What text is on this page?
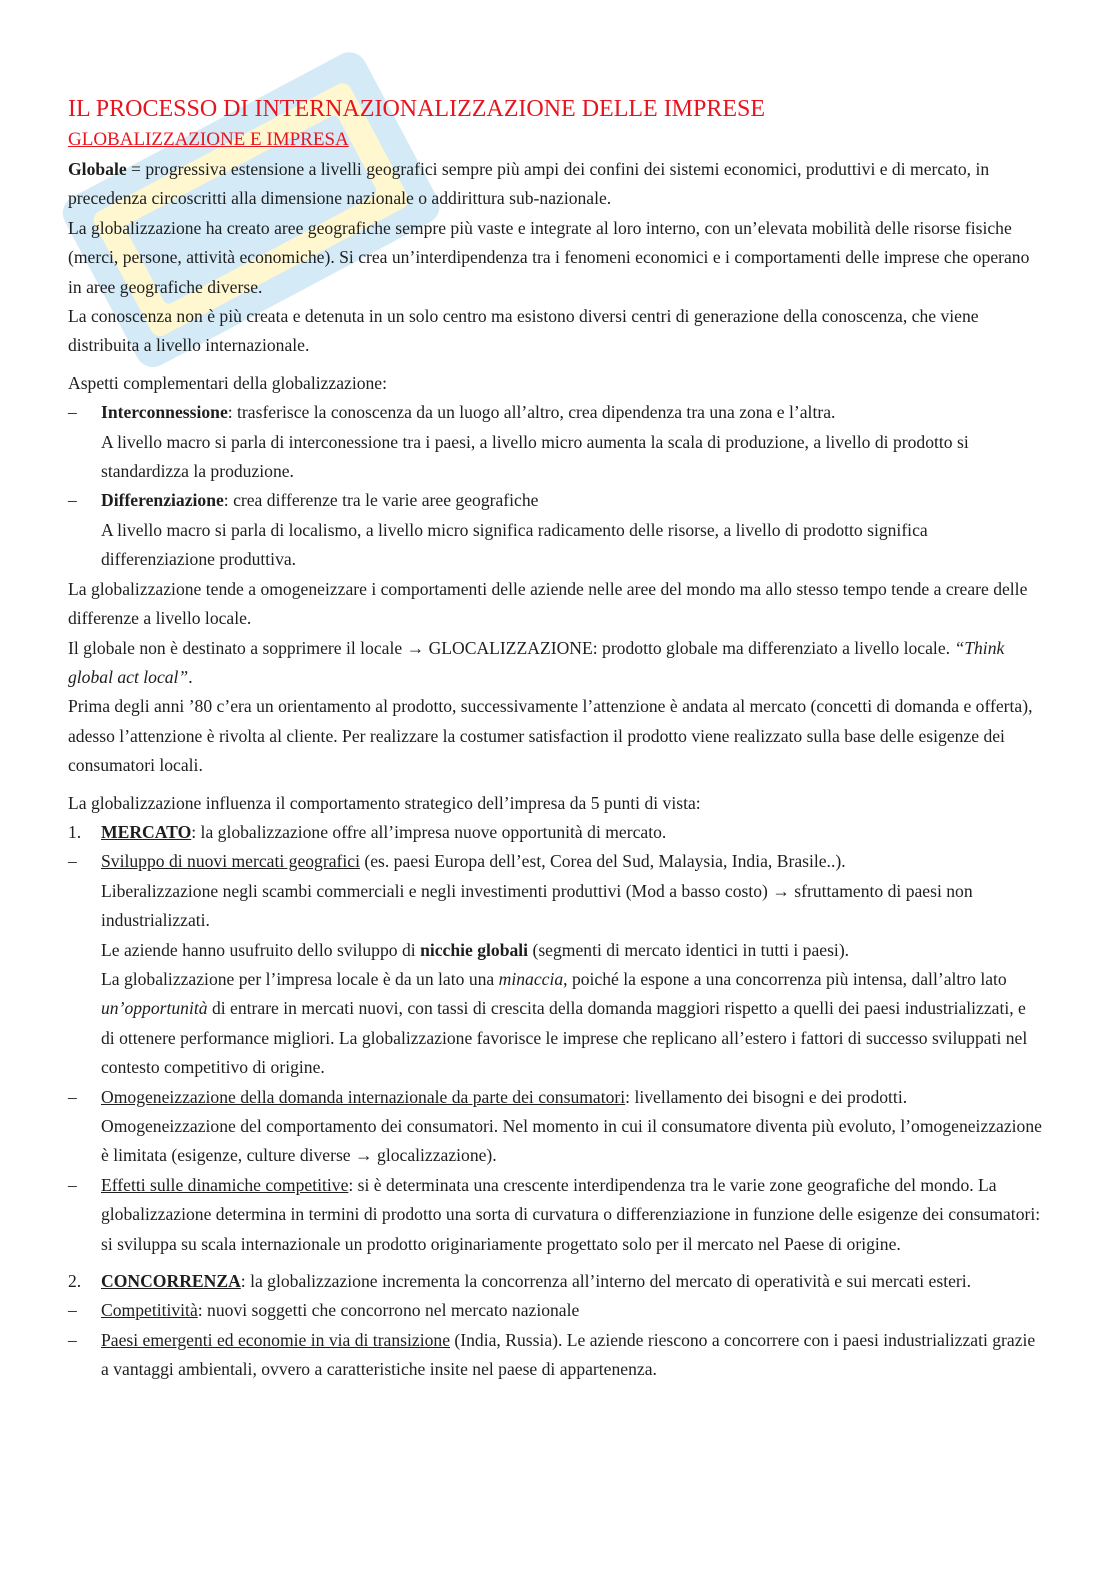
IL PROCESSO DI INTERNAZIONALIZZAZIONE DELLE IMPRESE
GLOBALIZZAZIONE E IMPRESA

Globale = progressiva estensione a livelli geografici sempre più ampi dei confini dei sistemi economici, produttivi e di mercato, in precedenza circoscritti alla dimensione nazionale o addirittura sub-nazionale.

La globalizzazione ha creato aree geografiche sempre più vaste e integrate al loro interno, con un’elevata mobilità delle risorse fisiche (merci, persone, attività economiche). Si crea un’interdipendenza tra i fenomeni economici e i comportamenti delle imprese che operano in aree geografiche diverse.

La conoscenza non è più creata e detenuta in un solo centro ma esistono diversi centri di generazione della conoscenza, che viene distribuita a livello internazionale.

Aspetti complementari della globalizzazione:

–	Interconnessione: trasferisce la conoscenza da un luogo all’altro, crea dipendenza tra una zona e l’altra.

A livello macro si parla di interconessione tra i paesi, a livello micro aumenta la scala di produzione, a livello di prodotto si standardizza la produzione.

–	Differenziazione: crea differenze tra le varie aree geografiche

A livello macro si parla di localismo, a livello micro significa radicamento delle risorse, a livello di prodotto significa differenziazione produttiva.

La globalizzazione tende a omogeneizzare i comportamenti delle aziende nelle aree del mondo ma allo stesso tempo tende a creare delle differenze a livello locale.

Il globale non è destinato a sopprimere il locale → GLOCALIZZAZIONE: prodotto globale ma differenziato a livello locale. “Think global act local”.

Prima degli anni ’80 c’era un orientamento al prodotto, successivamente l’attenzione è andata al mercato (concetti di domanda e offerta), adesso l’attenzione è rivolta al cliente. Per realizzare la costumer satisfaction il prodotto viene realizzato sulla base delle esigenze dei consumatori locali.

La globalizzazione influenza il comportamento strategico dell’impresa da 5 punti di vista:

1.	MERCATO: la globalizzazione offre all’impresa nuove opportunità di mercato.

–	Sviluppo di nuovi mercati geografici (es. paesi Europa dell’est, Corea del Sud, Malaysia, India, Brasile..).

Liberalizzazione negli scambi commerciali e negli investimenti produttivi (Mod a basso costo) → sfruttamento di paesi non industrializzati.

Le aziende hanno usufruito dello sviluppo di nicchie globali (segmenti di mercato identici in tutti i paesi).

La globalizzazione per l’impresa locale è da un lato una minaccia, poiché la espone a una concorrenza più intensa, dall’altro lato un’opportunità di entrare in mercati nuovi, con tassi di crescita della domanda maggiori rispetto a quelli dei paesi industrializzati, e di ottenere performance migliori. La globalizzazione favorisce le imprese che replicano all’estero i fattori di successo sviluppati nel contesto competitivo di origine.

–	Omogeneizzazione della domanda internazionale da parte dei consumatori: livellamento dei bisogni e dei prodotti. Omogeneizzazione del comportamento dei consumatori. Nel momento in cui il consumatore diventa più evoluto, l’omogeneizzazione è limitata (esigenze, culture diverse → glocalizzazione).

–	Effetti sulle dinamiche competitive: si è determinata una crescente interdipendenza tra le varie zone geografiche del mondo. La globalizzazione determina in termini di prodotto una sorta di curvatura o differenziazione in funzione delle esigenze dei consumatori: si sviluppa su scala internazionale un prodotto originariamente progettato solo per il mercato nel Paese di origine.

2.	CONCORRENZA: la globalizzazione incrementa la concorrenza all’interno del mercato di operatività e sui mercati esteri.

–	Competitività: nuovi soggetti che concorrono nel mercato nazionale

–	Paesi emergenti ed economie in via di transizione (India, Russia). Le aziende riescono a concorrere con i paesi industrializzati grazie a vantaggi ambientali, ovvero a caratteristiche insite nel paese di appartenenza.
